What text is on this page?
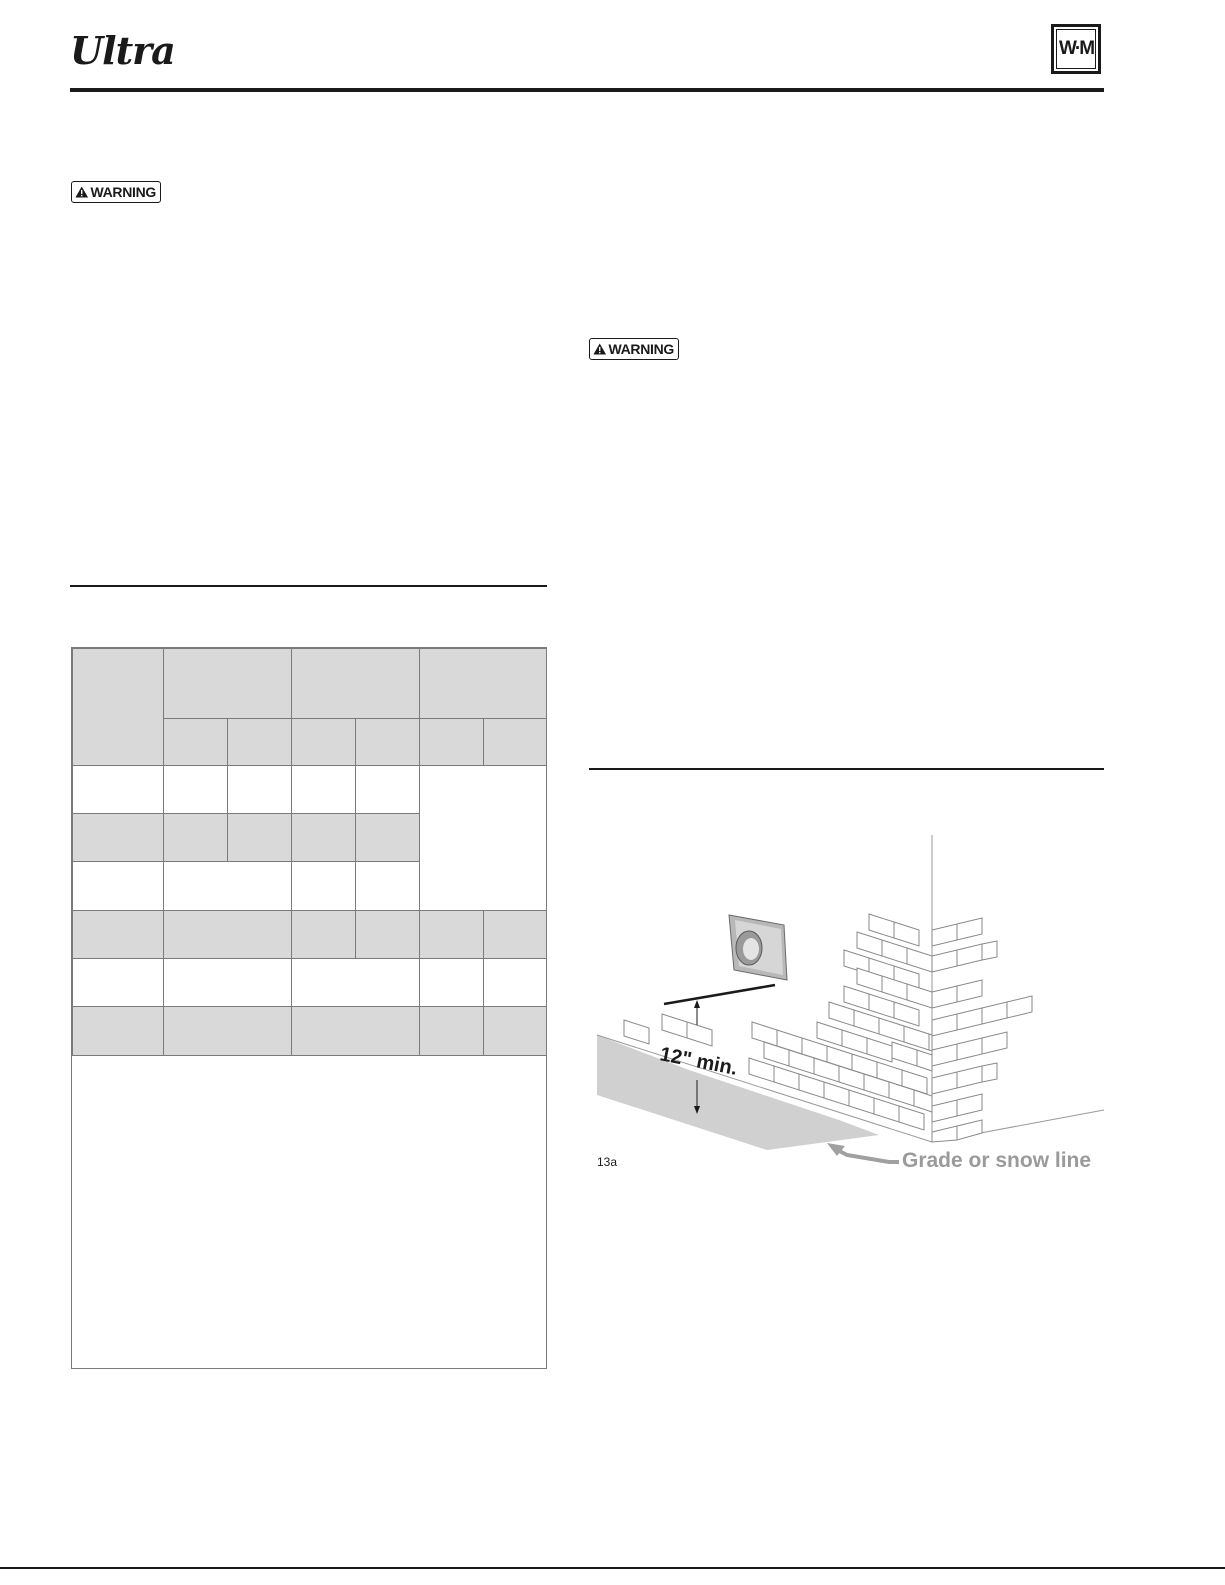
Ultra	W·M
WARNING
WARNING
12" min.
Grade or snow line
13a
